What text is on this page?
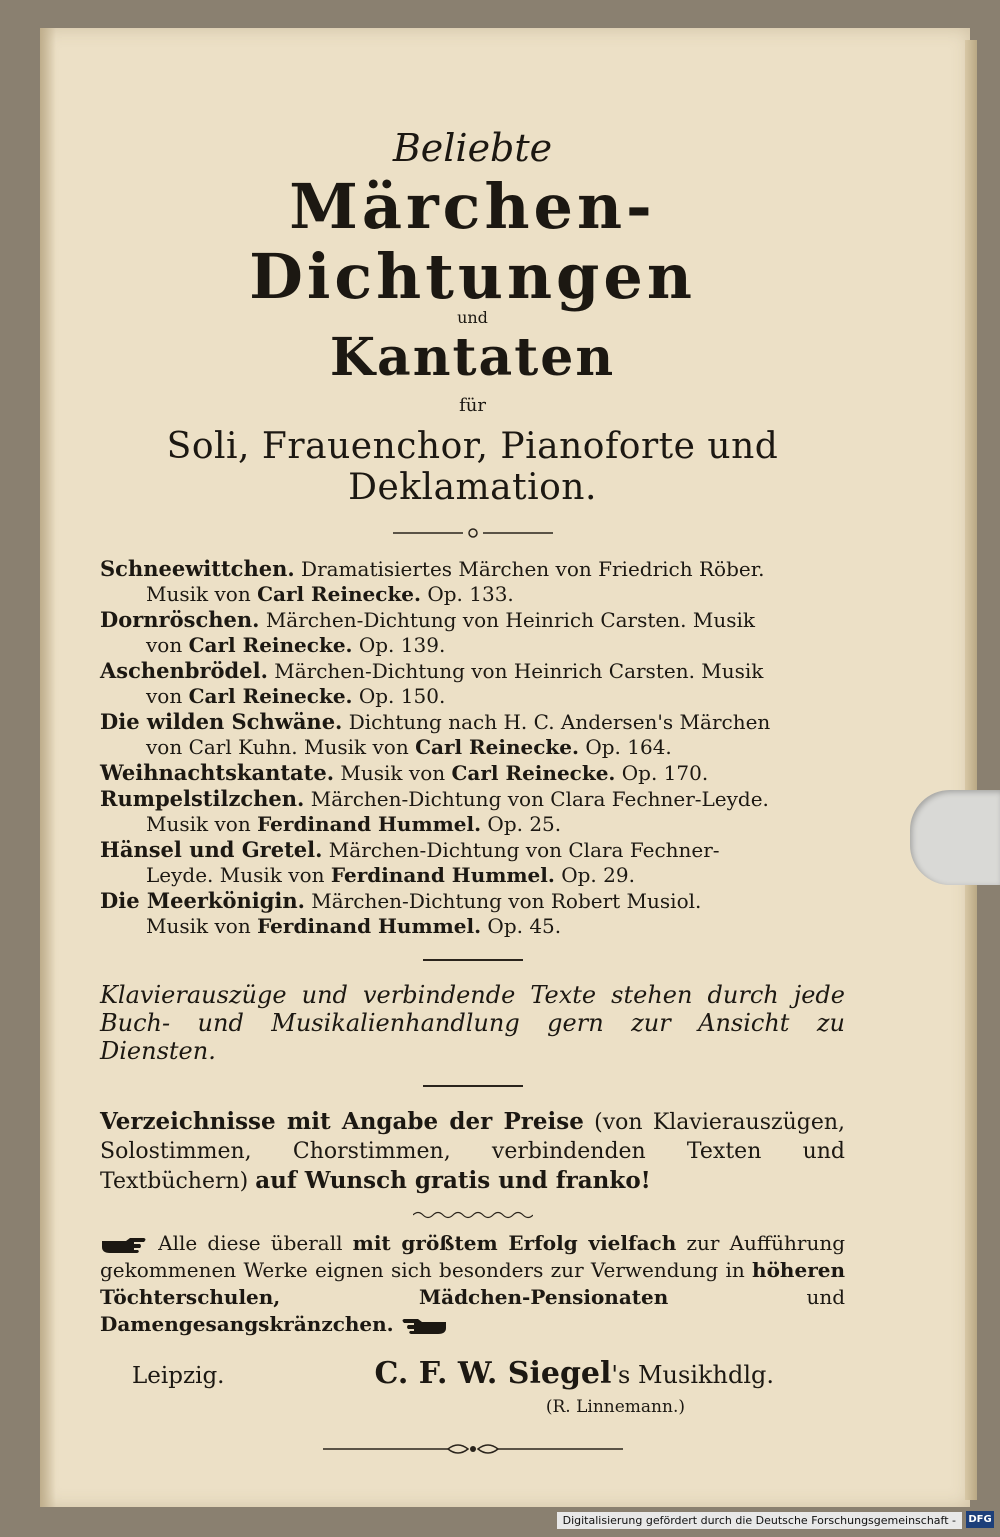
Beliebte
Märchen-Dichtungen
und
Kantaten
für
Soli, Frauenchor, Pianoforte und Deklamation.

Schneewittchen. Dramatisiertes Märchen von Friedrich Röber.
Musik von Carl Reinecke. Op. 133.

Dornröschen. Märchen-Dichtung von Heinrich Carsten. Musik
von Carl Reinecke. Op. 139.

Aschenbrödel. Märchen-Dichtung von Heinrich Carsten. Musik
von Carl Reinecke. Op. 150.

Die wilden Schwäne. Dichtung nach H. C. Andersen's Märchen
von Carl Kuhn. Musik von Carl Reinecke. Op. 164.

Weihnachtskantate. Musik von Carl Reinecke. Op. 170.

Rumpelstilzchen. Märchen-Dichtung von Clara Fechner-Leyde.
Musik von Ferdinand Hummel. Op. 25.

Hänsel und Gretel. Märchen-Dichtung von Clara Fechner-
Leyde. Musik von Ferdinand Hummel. Op. 29.

Die Meerkönigin. Märchen-Dichtung von Robert Musiol.
Musik von Ferdinand Hummel. Op. 45.

Klavierauszüge und verbindende Texte stehen durch jede Buch- und Musikalienhandlung gern zur Ansicht zu Diensten.
Verzeichnisse mit Angabe der Preise (von Klavierauszügen, Solostimmen, Chorstimmen, verbindenden Texten und Textbüchern) auf Wunsch gratis und franko!
Alle diese überall mit größtem Erfolg vielfach zur Aufführung gekommenen Werke eignen sich besonders zur Verwendung in höheren Töchterschulen, Mädchen-Pensionaten	und Damengesangskränzchen.
Leipzig.	C. F. W. Siegel's Musikhdlg.
(R. Linnemann.)
Digitalisierung gefördert durch die Deutsche Forschungsgemeinschaft -	DFG
